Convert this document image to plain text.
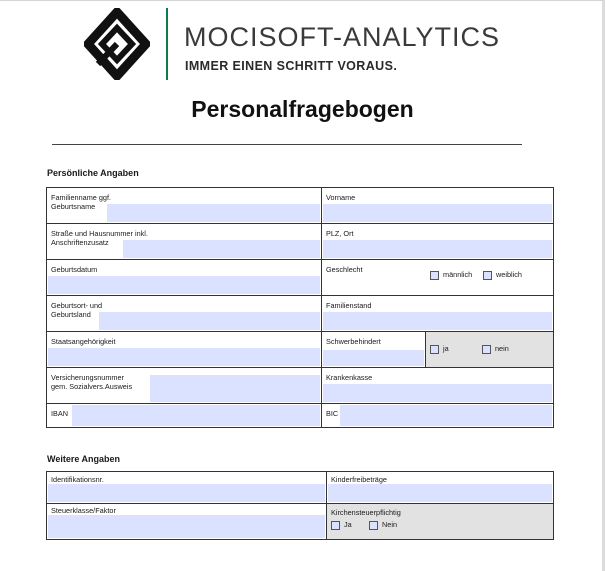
MOCISOFT-ANALYTICS
IMMER EINEN SCHRITT VORAUS.
Personalfragebogen
Persönliche Angaben
Familienname ggf.
Geburtsname	Vorname	

Straße und Hausnummer inkl.
Anschriftenzusatz	PLZ, Ort	

Geburtsdatum	Geschlecht
männlich weiblich	

Geburtsort- und
Geburtsland	Familienstand	

Staatsangehörigkeit	Schwerbehindert	ja nein

Versicherungsnummer
gem. Sozialvers.Ausweis	Krankenkasse	

IBAN	BIC	
Weitere Angaben
Identifikationsnr.	Kinderfreibeträge

Steuerklasse/Faktor	Kirchensteuerpflichtig
Ja Nein
